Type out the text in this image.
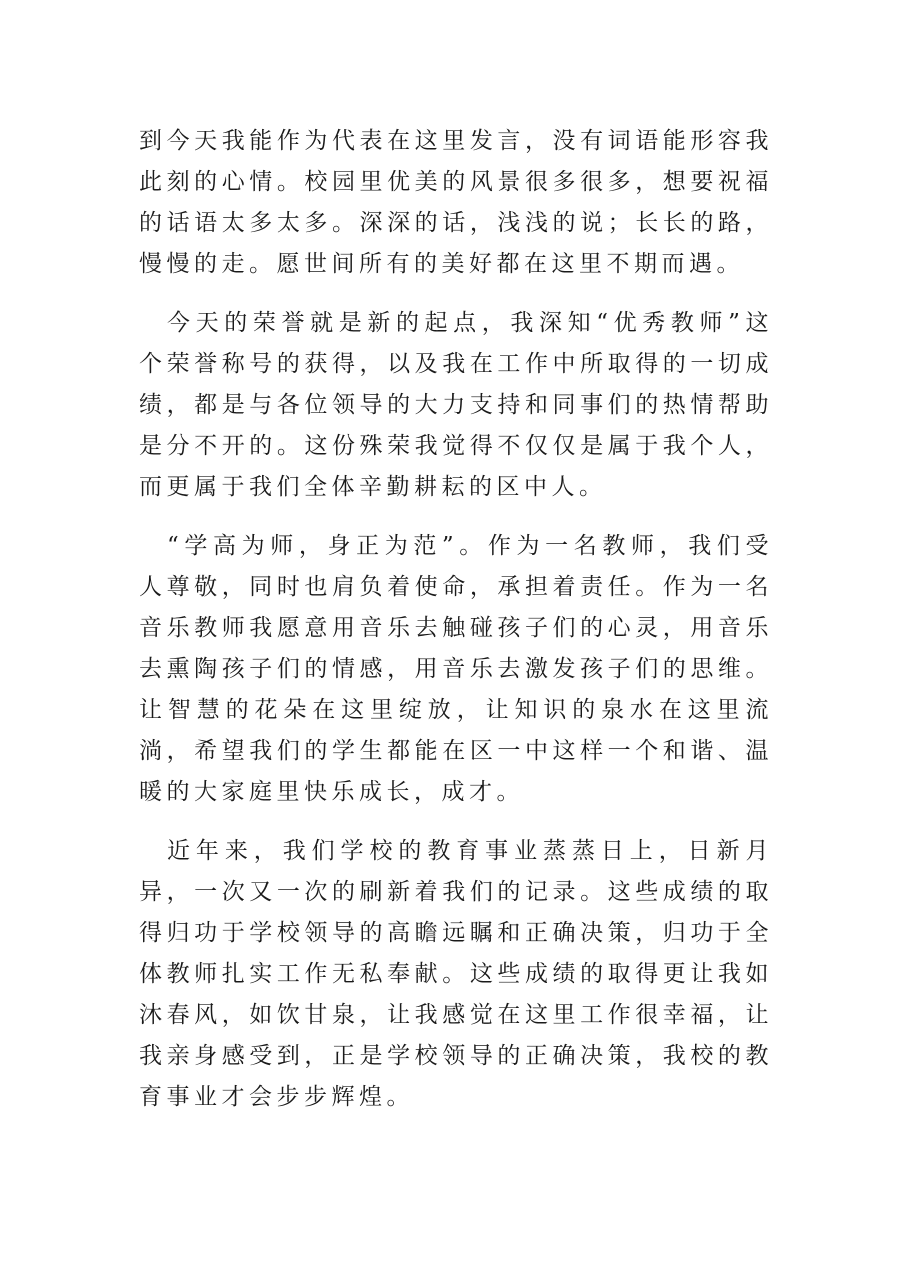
到今天我能作为代表在这里发言，没有词语能形容我此刻的心情。校园里优美的风景很多很多，想要祝福的话语太多太多。深深的话，浅浅的说；长长的路，慢慢的走。愿世间所有的美好都在这里不期而遇。

今天的荣誉就是新的起点，我深知“优秀教师”这个荣誉称号的获得，以及我在工作中所取得的一切成绩，都是与各位领导的大力支持和同事们的热情帮助是分不开的。这份殊荣我觉得不仅仅是属于我个人，而更属于我们全体辛勤耕耘的区中人。

“学高为师，身正为范”。作为一名教师，我们受人尊敬，同时也肩负着使命，承担着责任。作为一名音乐教师我愿意用音乐去触碰孩子们的心灵，用音乐去熏陶孩子们的情感，用音乐去激发孩子们的思维。让智慧的花朵在这里绽放，让知识的泉水在这里流淌，希望我们的学生都能在区一中这样一个和谐、温暖的大家庭里快乐成长，成才。

近年来，我们学校的教育事业蒸蒸日上，日新月异，一次又一次的刷新着我们的记录。这些成绩的取得归功于学校领导的高瞻远瞩和正确决策，归功于全体教师扎实工作无私奉献。这些成绩的取得更让我如沐春风，如饮甘泉，让我感觉在这里工作很幸福，让我亲身感受到，正是学校领导的正确决策，我校的教育事业才会步步辉煌。
